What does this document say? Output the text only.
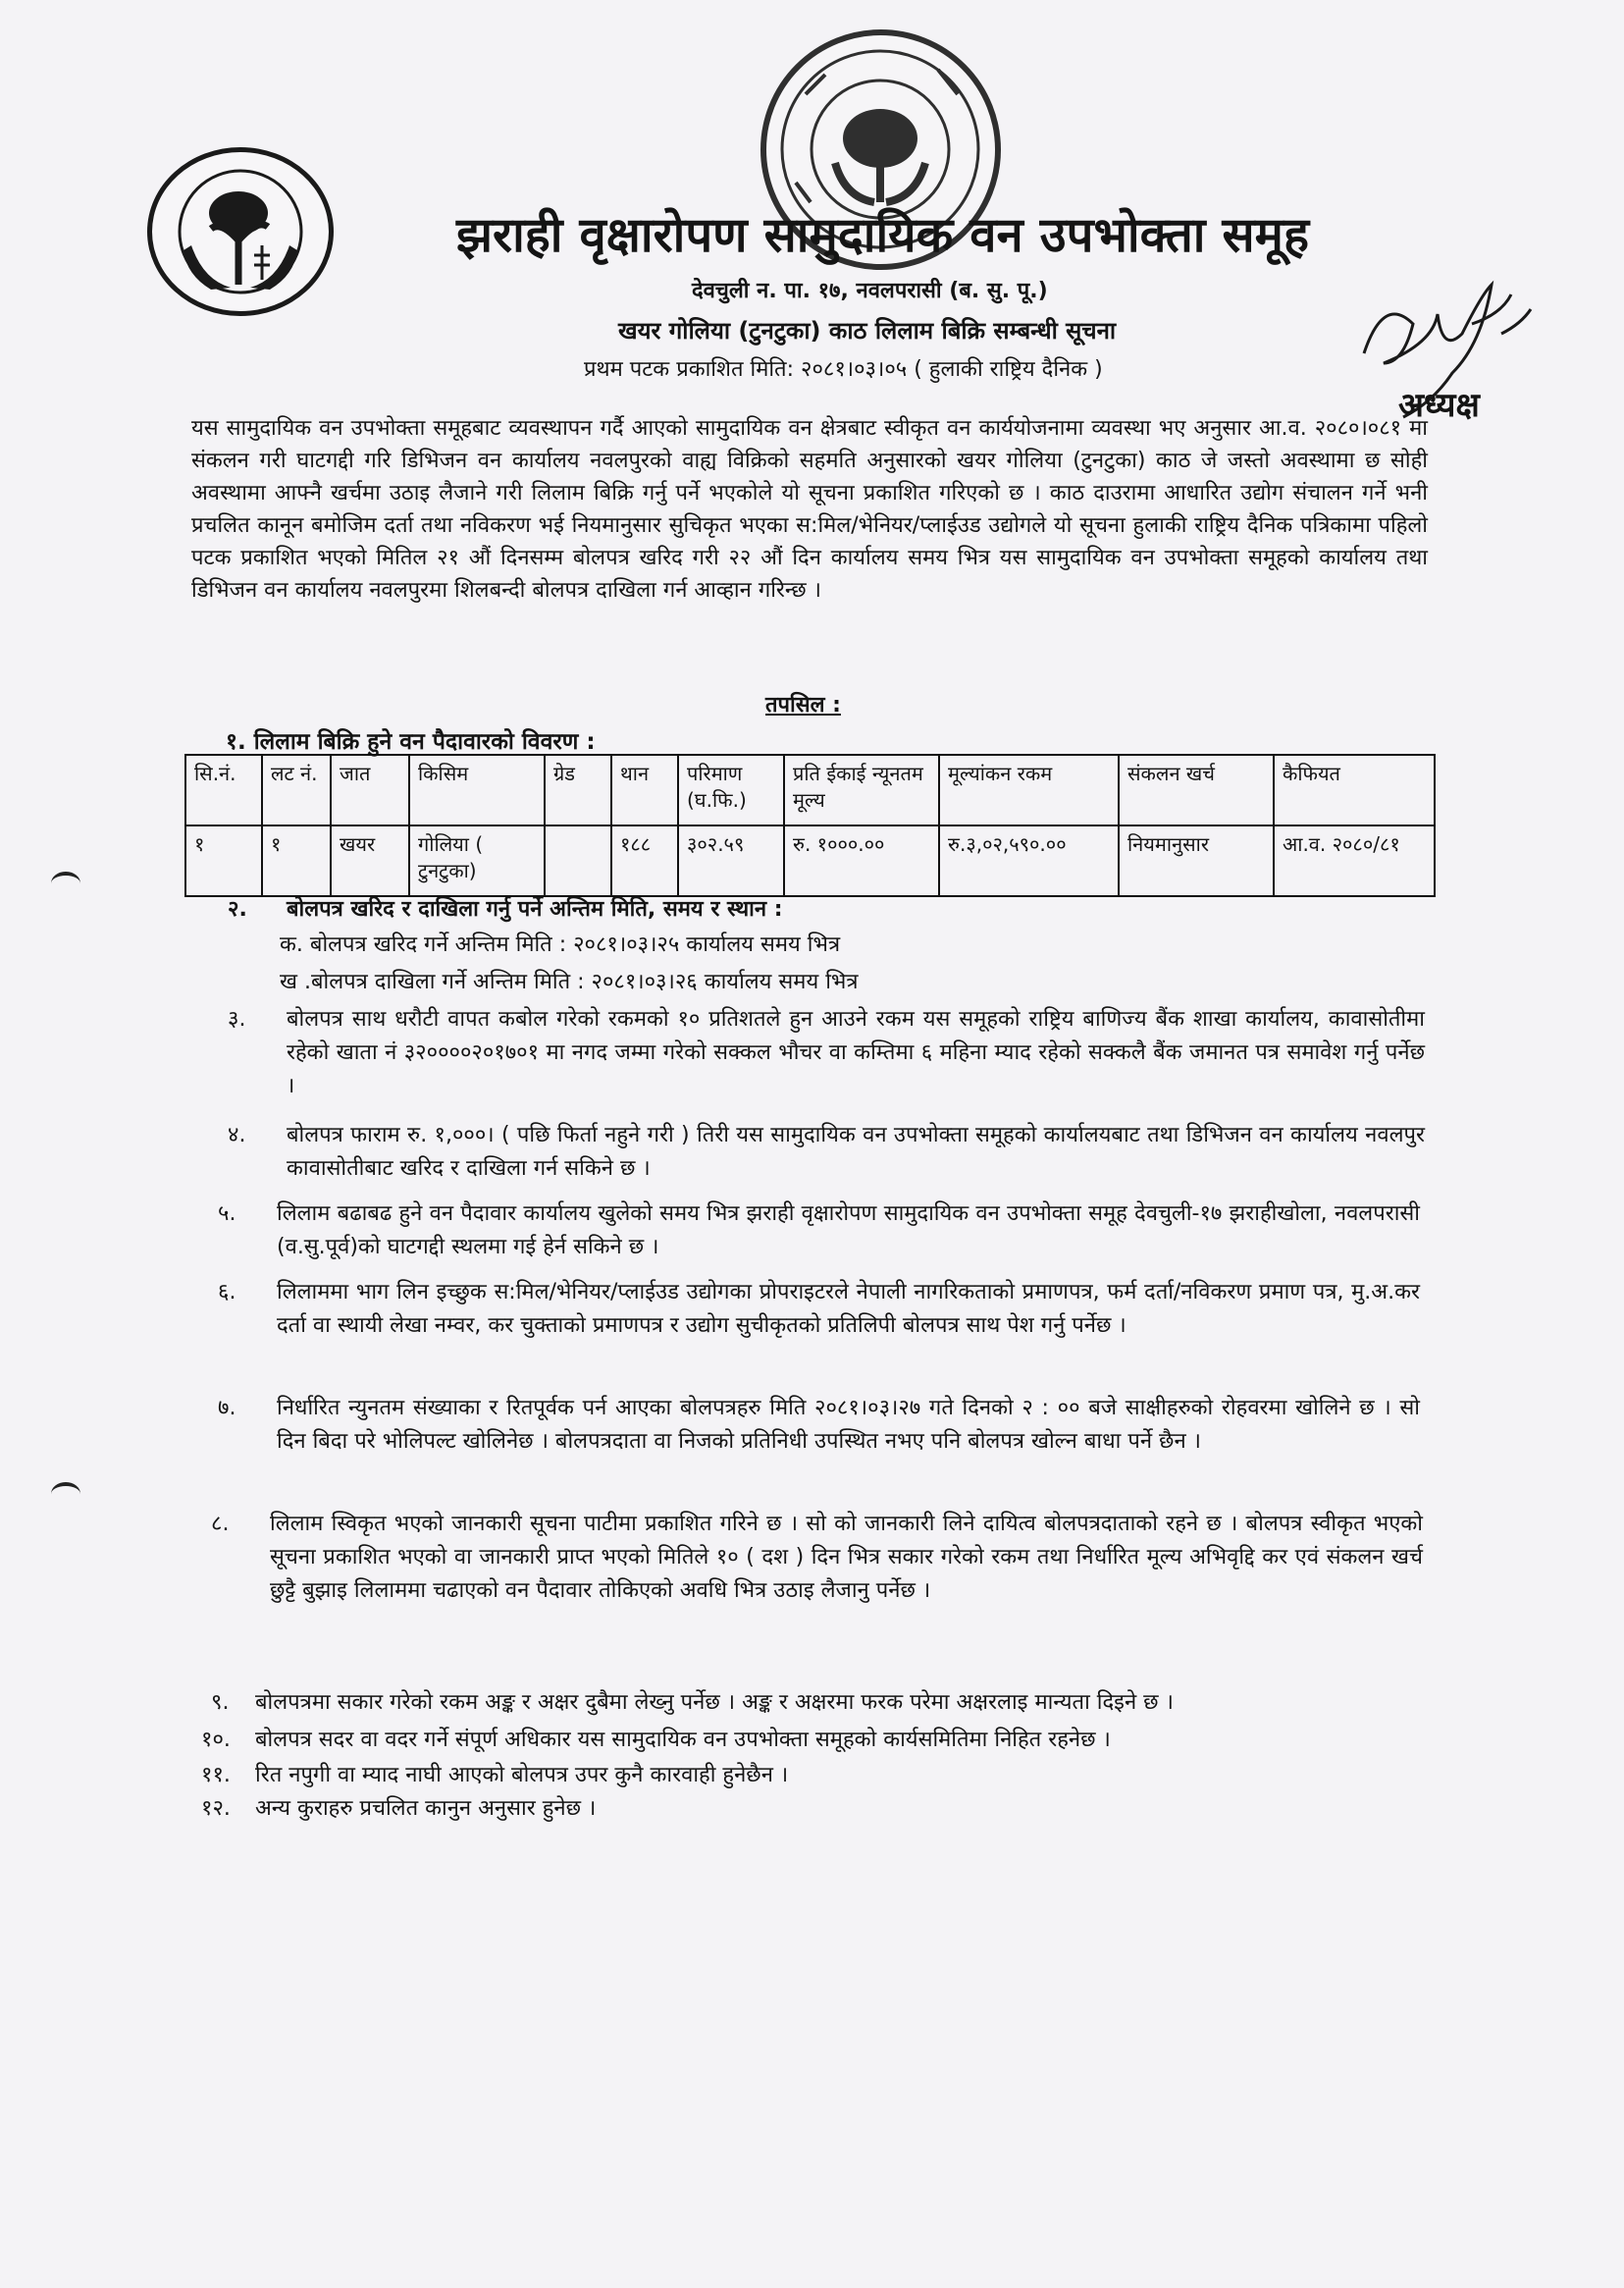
झराही वृक्षारोपण सामुदायिक वन उपभोक्ता समूह
देवचुली न. पा. १७, नवलपरासी (ब. सु. पू.)
खयर गोलिया (टुनटुका) काठ लिलाम बिक्रि सम्बन्धी सूचना
प्रथम पटक प्रकाशित मिति: २०८१।०३।०५ ( हुलाकी राष्ट्रिय दैनिक )
अध्यक्ष
यस सामुदायिक वन उपभोक्ता समूहबाट व्यवस्थापन गर्दै आएको सामुदायिक वन क्षेत्रबाट स्वीकृत वन कार्ययोजनामा व्यवस्था भए अनुसार आ.व. २०८०।०८१ मा संकलन गरी घाटगद्दी गरि डिभिजन वन कार्यालय नवलपुरको वाह्य विक्रिको सहमति अनुसारको खयर गोलिया (टुनटुका) काठ जे जस्तो अवस्थामा छ सोही अवस्थामा आफ्नै खर्चमा उठाइ लैजाने गरी लिलाम बिक्रि गर्नु पर्ने भएकोले यो सूचना प्रकाशित गरिएको छ । काठ दाउरामा आधारित उद्योग संचालन गर्ने भनी प्रचलित कानून बमोजिम दर्ता तथा नविकरण भई नियमानुसार सुचिकृत भएका स:मिल/भेनियर/प्लाईउड उद्योगले यो सूचना हुलाकी राष्ट्रिय दैनिक पत्रिकामा पहिलो पटक प्रकाशित भएको मितिल २१ औं दिनसम्म बोलपत्र खरिद गरी २२ औं दिन कार्यालय समय भित्र यस सामुदायिक वन उपभोक्ता समूहको कार्यालय तथा डिभिजन वन कार्यालय नवलपुरमा शिलबन्दी बोलपत्र दाखिला गर्न आव्हान गरिन्छ ।
तपसिल :
१. लिलाम बिक्रि हुने वन पैदावारको विवरण :
सि.नं.	लट नं.	जात	किसिम	ग्रेड	थान	परिमाण (घ.फि.)	प्रति ईकाई न्यूनतम मूल्य	मूल्यांकन रकम	संकलन खर्च	कैफियत
१	१	खयर	गोलिया ( टुनटुका)		१८८	३०२.५९	रु. १०००.००	रु.३,०२,५९०.००	नियमानुसार	आ.व. २०८०/८१
२.	बोलपत्र खरिद र दाखिला गर्नु पर्ने अन्तिम मिति, समय र स्थान :
क. बोलपत्र खरिद गर्ने अन्तिम मिति : २०८१।०३।२५ कार्यालय समय भित्र
ख .बोलपत्र दाखिला गर्ने अन्तिम मिति : २०८१।०३।२६ कार्यालय समय भित्र
३.	बोलपत्र साथ धरौटी वापत कबोल गरेको रकमको १० प्रतिशतले हुन आउने रकम यस समूहको राष्ट्रिय बाणिज्य बैंक शाखा कार्यालय, कावासोतीमा रहेको खाता नं ३२००००२०१७०१ मा नगद जम्मा गरेको सक्कल भौचर वा कम्तिमा ६ महिना म्याद रहेको सक्कलै बैंक जमानत पत्र समावेश गर्नु पर्नेछ ।
४.	बोलपत्र फाराम रु. १,०००। ( पछि फिर्ता नहुने गरी ) तिरी यस सामुदायिक वन उपभोक्ता समूहको कार्यालयबाट तथा डिभिजन वन कार्यालय नवलपुर कावासोतीबाट खरिद र दाखिला गर्न सकिने छ ।
५.	लिलाम बढाबढ हुने वन पैदावार कार्यालय खुलेको समय भित्र झराही वृक्षारोपण सामुदायिक वन उपभोक्ता समूह देवचुली-१७ झराहीखोला, नवलपरासी (व.सु.पूर्व)को घाटगद्दी स्थलमा गई हेर्न सकिने छ ।
६.	लिलाममा भाग लिन इच्छुक स:मिल/भेनियर/प्लाईउड उद्योगका प्रोपराइटरले नेपाली नागरिकताको प्रमाणपत्र, फर्म दर्ता/नविकरण प्रमाण पत्र, मु.अ.कर दर्ता वा स्थायी लेखा नम्वर, कर चुक्ताको प्रमाणपत्र र उद्योग सुचीकृतको प्रतिलिपी बोलपत्र साथ पेश गर्नु पर्नेछ ।
७.	निर्धारित न्युनतम संख्याका र रितपूर्वक पर्न आएका बोलपत्रहरु मिति २०८१।०३।२७ गते दिनको २ : ०० बजे साक्षीहरुको रोहवरमा खोलिने छ । सो दिन बिदा परे भोलिपल्ट खोलिनेछ । बोलपत्रदाता वा निजको प्रतिनिधी उपस्थित नभए पनि बोलपत्र खोल्न बाधा पर्ने छैन ।
८.	लिलाम स्विकृत भएको जानकारी सूचना पाटीमा प्रकाशित गरिने छ । सो को जानकारी लिने दायित्व बोलपत्रदाताको रहने छ । बोलपत्र स्वीकृत भएको सूचना प्रकाशित भएको वा जानकारी प्राप्त भएको मितिले १० ( दश ) दिन भित्र सकार गरेको रकम तथा निर्धारित मूल्य अभिवृद्दि कर एवं संकलन खर्च छुट्टै बुझाइ लिलाममा चढाएको वन पैदावार तोकिएको अवधि भित्र उठाइ लैजानु पर्नेछ ।
९.	बोलपत्रमा सकार गरेको रकम अङ्क र अक्षर दुबैमा लेख्नु पर्नेछ । अङ्क र अक्षरमा फरक परेमा अक्षरलाइ मान्यता दिइने छ ।
१०.	बोलपत्र सदर वा वदर गर्ने संपूर्ण अधिकार यस सामुदायिक वन उपभोक्ता समूहको कार्यसमितिमा निहित रहनेछ ।
११.	रित नपुगी वा म्याद नाघी आएको बोलपत्र उपर कुनै कारवाही हुनेछैन ।
१२.	अन्य कुराहरु प्रचलित कानुन अनुसार हुनेछ ।
